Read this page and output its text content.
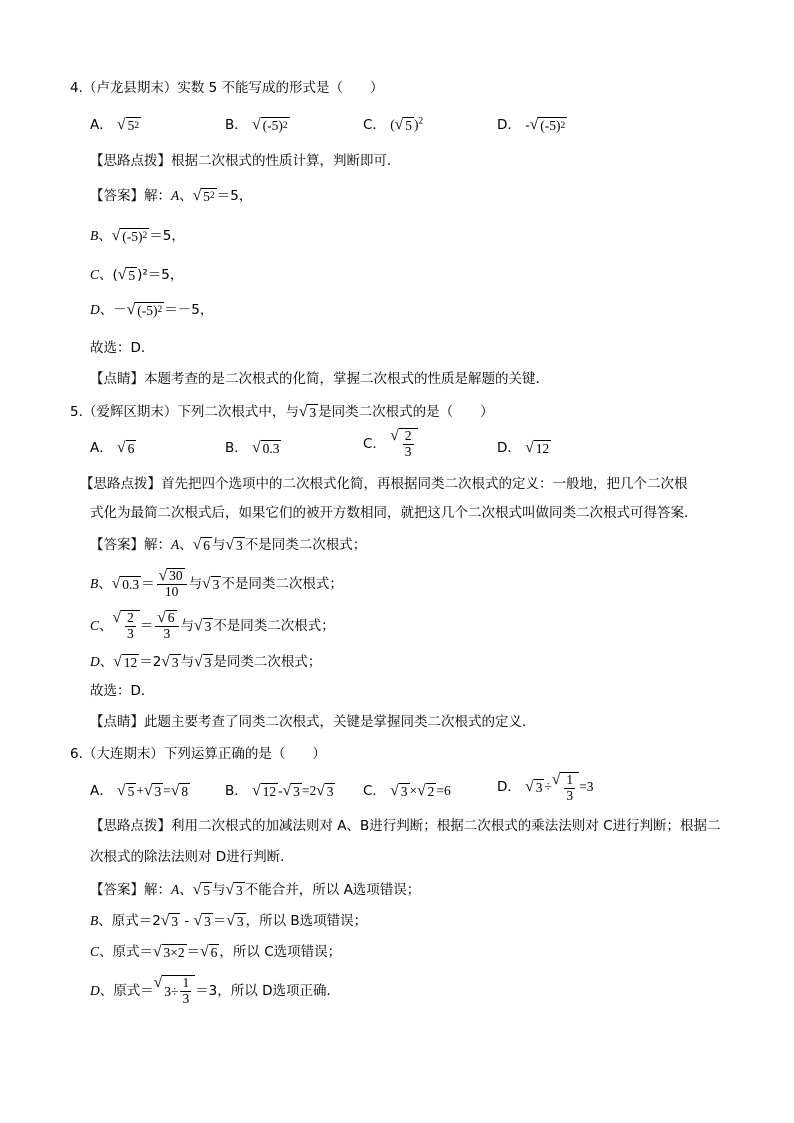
4.（卢龙县期末）实数 5 不能写成的形式是（　　）
A． √ 5 2	B． √ (-5) 2	C． ( √ 5 )$^2$	D． - √ (-5) 2
【思路点拨】根据二次根式的性质计算，判断即可．
【答案】解：A、 √ 5 2 ＝5，
B、 √ (-5) 2 ＝5，
C、( √ 5 )²＝5，
D、－ √ (-5) 2 ＝－5，
故选：D．
【点睛】本题考查的是二次根式的化简，掌握二次根式的性质是解题的关键．
5.（爱辉区期末）下列二次根式中，与 √ 3 是同类二次根式的是（　　）
A． √ 6	B． √ 0.3	C． √ $\frac{2}{3}$	D． √ 12
【思路点拨】首先把四个选项中的二次根式化简，再根据同类二次根式的定义：一般地，把几个二次根
式化为最简二次根式后，如果它们的被开方数相同，就把这几个二次根式叫做同类二次根式可得答案．
【答案】解：A、 √ 6 与 √ 3 不是同类二次根式；
B、 √ $0.3 = \frac{√ 30}{10}$ 与 √ 3 不是同类二次根式；
C、 √ $\frac{2}{3} = \frac{√ 6}{3}$ 与 √ 3 不是同类二次根式；
D、 √ 12 ＝2 √ 3 与 √ 3 是同类二次根式；
故选：D．
【点睛】此题主要考查了同类二次根式，关键是掌握同类二次根式的定义．
6.（大连期末）下列运算正确的是（　　）
A． √ 5 + √ 3 = √ 8	B． √ 12 - √ 3 =2 √ 3 C． √ 3 × √ 2 =6	D． √ 3 ÷ √ $\frac{1}{3} =3$
【思路点拨】利用二次根式的加减法则对 A、B进行判断；根据二次根式的乘法法则对 C进行判断；根据二
次根式的除法法则对 D进行判断．
【答案】解：A、 √ 5 与 √ 3 不能合并，所以 A选项错误；
B、原式＝2 √ 3 - √ 3 ＝ √ 3 ，所以 B选项错误；
C、原式＝ √ 3×2 ＝ √ 6 ，所以 C选项错误；
D、原式＝ √
$3\div \frac{1}{3} =3$，所以 D选项正确．
